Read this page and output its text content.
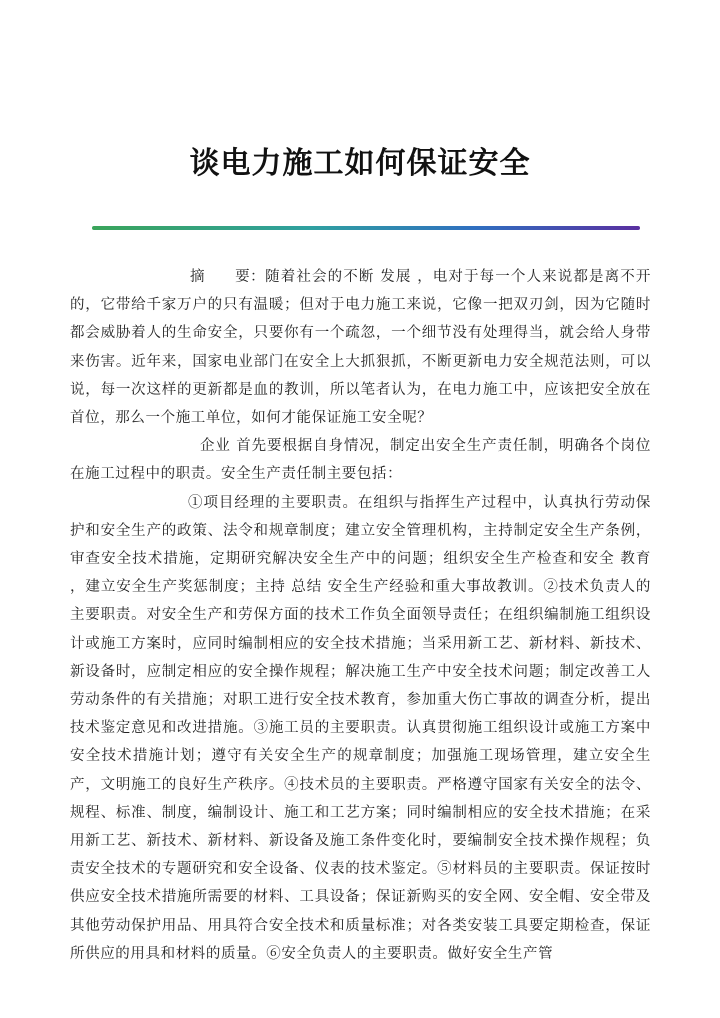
谈电力施工如何保证安全

摘　　要：随着社会的不断 发展 ，电对于每一个人来说都是离不开的，它带给千家万户的只有温暖；但对于电力施工来说，它像一把双刃剑，因为它随时都会威胁着人的生命安全，只要你有一个疏忽，一个细节没有处理得当，就会给人身带来伤害。近年来，国家电业部门在安全上大抓狠抓，不断更新电力安全规范法则，可以说，每一次这样的更新都是血的教训，所以笔者认为，在电力施工中，应该把安全放在首位，那么一个施工单位，如何才能保证施工安全呢？

企业 首先要根据自身情况，制定出安全生产责任制，明确各个岗位在施工过程中的职责。安全生产责任制主要包括：

①项目经理的主要职责。在组织与指挥生产过程中，认真执行劳动保护和安全生产的政策、法令和规章制度；建立安全管理机构，主持制定安全生产条例，审查安全技术措施，定期研究解决安全生产中的问题；组织安全生产检查和安全 教育 ，建立安全生产奖惩制度；主持 总结 安全生产经验和重大事故教训。②技术负责人的主要职责。对安全生产和劳保方面的技术工作负全面领导责任；在组织编制施工组织设计或施工方案时，应同时编制相应的安全技术措施；当采用新工艺、新材料、新技术、新设备时，应制定相应的安全操作规程；解决施工生产中安全技术问题；制定改善工人劳动条件的有关措施；对职工进行安全技术教育，参加重大伤亡事故的调查分析，提出技术鉴定意见和改进措施。③施工员的主要职责。认真贯彻施工组织设计或施工方案中安全技术措施计划；遵守有关安全生产的规章制度；加强施工现场管理，建立安全生产，文明施工的良好生产秩序。④技术员的主要职责。严格遵守国家有关安全的法令、规程、标准、制度，编制设计、施工和工艺方案；同时编制相应的安全技术措施；在采用新工艺、新技术、新材料、新设备及施工条件变化时，要编制安全技术操作规程；负责安全技术的专题研究和安全设备、仪表的技术鉴定。⑤材料员的主要职责。保证按时供应安全技术措施所需要的材料、工具设备；保证新购买的安全网、安全帽、安全带及其他劳动保护用品、用具符合安全技术和质量标准；对各类安装工具要定期检查，保证所供应的用具和材料的质量。⑥安全负责人的主要职责。做好安全生产管
